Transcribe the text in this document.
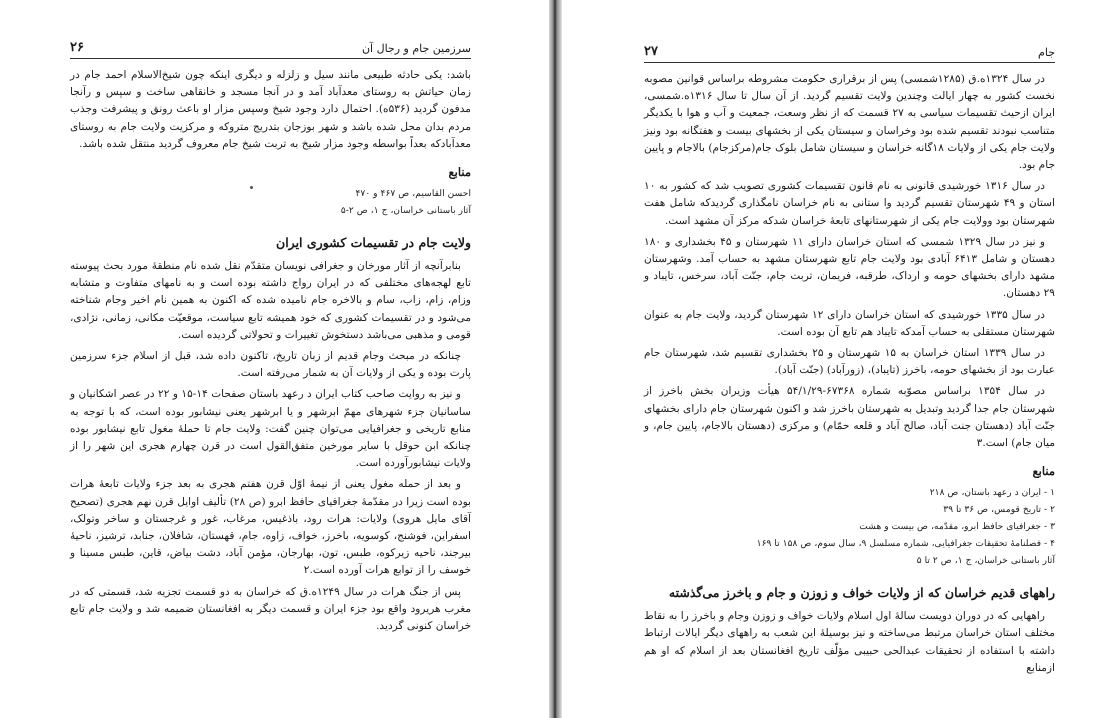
سرزمین جام و رجال آن
۲۶

باشد: یکی حادثه طبیعی مانند سیل و زلزله و دیگری اینکه چون شیخ‌الاسلام احمد جام در زمان حیاتش به روستای معدآباد آمد و در آنجا مسجد و خانقاهی ساخت و سپس و رآنجا مدفون گردید (۵۳۶ه). احتمال دارد وجود شیخ وسپس مزار او باعث رونق و پیشرفت وجذب مردم بدان محل شده باشد و شهر بوزجان بتدریج متروکه و مرکزیت ولایت جام به روستای معدآبادکه بعداً بواسطه وجود مزار شیخ به تربت شیخ جام معروف گردید منتقل شده باشد.

منابع
احسن القاسیم، ص ۴۶۷ و ۴۷۰
آثار باستانی خراسان، ج ۱، ص ۲-۵
ولایت جام در تقسیمات کشوری ایران

بنابرآنچه از آثار مورخان و جغرافی نویسان متقدّم نقل شده نام منطقهٔ مورد بحث پیوسته تابع لهجه‌های مختلفی که در ایران رواج داشته بوده است و به نامهای متفاوت و متشابه وزام، زام، زاب، سام و بالاخره جام نامیده شده که اکنون به همین نام اخیر وجام شناخته می‌شود و در تقسیمات کشوری که خود همیشه تابع سیاست، موقعیّت مکانی، زمانی، نژادی، قومی و مذهبی می‌باشد دستخوش تغییرات و تحولاتی گردیده است.

چنانکه در مبحث وجام قدیم از زبان تاریخ، تاکنون داده شد، قبل از اسلام جزء سرزمین پارت بوده و یکی از ولایات آن به شمار می‌رفته است.

و نیز به روایت صاحب کتاب ایران د رعهد باستان صفحات ۱۴-۱۵ و ۲۲ در عصر اشکانیان و ساسانیان جزء شهرهای مهمّ ابرشهر و یا ابرشهر یعنی نیشابور بوده است، که با توجه به منابع تاریخی و جغرافیایی می‌توان چنین گفت: ولایت جام تا حملهٔ مغول تابع نیشابور بوده چنانکه ابن حوقل با سایر مورخین متفق‌القول است در قرن چهارم هجری این شهر را از ولایات نیشابورآورده است.

و بعد از حمله مغول یعنی از نیمهٔ اوّل قرن هفتم هجری به بعد جزء ولایات تابعهٔ هرات بوده است زیرا در مقدّمهٔ جغرافیای حافظ ابرو (ص ۲۸) تألیف اوایل قرن نهم هجری (تصحیح آقای مایل هروی) ولایات: هرات رود، باذغیس، مرغاب، غور و غرجستان و ساخر وتولک، اسفراین، فوشنج، کوسویه، باخرز، خواف، زاوه، جام، قهستان، شافلان، جنابد، ترشیز، ناحیهٔ بیرجند، ناحیه زیرکوه، طبس، تون، بهارجان، مؤمن آباد، دشت بیاض، قاین، طبس مسینا و خوسف را از توابع هرات آورده است.۲

پس از جنگ هرات در سال ۱۲۴۹ه.ق که خراسان به دو قسمت تجزیه شد، قسمتی که در مغرب هریرود واقع بود جزء ایران و قسمت دیگر به افغانستان ضمیمه شد و ولایت جام تابع خراسان کنونی گردید.

جام
۲۷

در سال ۱۳۲۴ه.ق (۱۲۸۵شمسی) پس از برقراری حکومت مشروطه براساس قوانین مصوبه نخست کشور به چهار ایالت وچندین ولایت تقسیم گردید. از آن سال تا سال ۱۳۱۶ه.شمسی، ایران ازحیث تقسیمات سیاسی به ۲۷ قسمت که از نظر وسعت، جمعیت و آب و هوا با یکدیگر متناسب نبودند تقسیم شده بود وخراسان و سیستان یکی از بخشهای بیست و هفتگانه بود ونیز ولایت جام یکی از ولایات ۱۸گانه خراسان و سیستان شامل بلوک جام(مرکزجام) بالاجام و پایین جام بود.

در سال ۱۳۱۶ خورشیدی قانونی به نام قانون تقسیمات کشوری تصویب شد که کشور به ۱۰ استان و ۴۹ شهرستان تقسیم گردید وا ستانی به نام خراسان نامگذاری گردیدکه شامل هفت شهرستان بود وولایت جام یکی از شهرستانهای تابعهٔ خراسان شدکه مرکز آن مشهد است.

و نیز در سال ۱۳۲۹ شمسی که استان خراسان دارای ۱۱ شهرستان و ۴۵ بخشداری و ۱۸۰ دهستان و شامل ۶۴۱۳ آبادی بود ولایت جام تابع شهرستان مشهد به حساب آمد. وشهرستان مشهد دارای بخشهای حومه و ارداک، طرقبه، فریمان، تربت جام، جنّت آباد، سرخس، تایباد و ۲۹ دهستان.

در سال ۱۳۳۵ خورشیدی که استان خراسان دارای ۱۲ شهرستان گردید، ولایت جام به عنوان شهرستان مستقلی به حساب آمدکه تایباد هم تابع آن بوده است.

در سال ۱۳۳۹ استان خراسان به ۱۵ شهرستان و ۲۵ بخشداری تقسیم شد، شهرستان جام عبارت بود از بخشهای حومه، باخرز (تایباد)، (زورآباد) (جنّت آباد).

در سال ۱۳۵۴ براساس مصوّبه شماره ۶۷۳۶۸-۵۴/۱/۲۹ هیأت وزیران بخش باخرز از شهرستان جام جدا گردید وتبدیل به شهرستان باخرز شد و اکنون شهرستان جام دارای بخشهای جنّت آباد (دهستان جنت آباد، صالح آباد و قلعه حمّام) و مرکزی (دهستان بالاجام، پایین جام، و میان جام) است.۳

منابع
۱ - ایران د رعهد باستان، ص ۲۱۸
۲ - تاریخ قومس، ص ۳۶ تا ۳۹
۳ - جغرافیای حافظ ابرو، مقدّمه، ص بیست و هشت
۴ - فصلنامهٔ تحقیقات جغرافیایی، شماره مسلسل ۹، سال سوم، ص ۱۵۸ تا ۱۶۹
آثار باستانی خراسان، ج ۱، ص ۲ تا ۵
راههای قدیم خراسان که از ولایات خواف و زوزن و جام و باخرز می‌گذشته

راههایی که در دوران دویست سالهٔ اول اسلام ولایات خواف و زوزن وجام و باخرز را به نقاط مختلف استان خراسان مرتبط می‌ساخته و نیز بوسیلهٔ این شعب به راههای دیگر ایالات ارتباط داشته با استفاده از تحقیقات عبدالحی حبیبی مؤلّف تاریخ افغانستان بعد از اسلام که او هم ازمنابع
